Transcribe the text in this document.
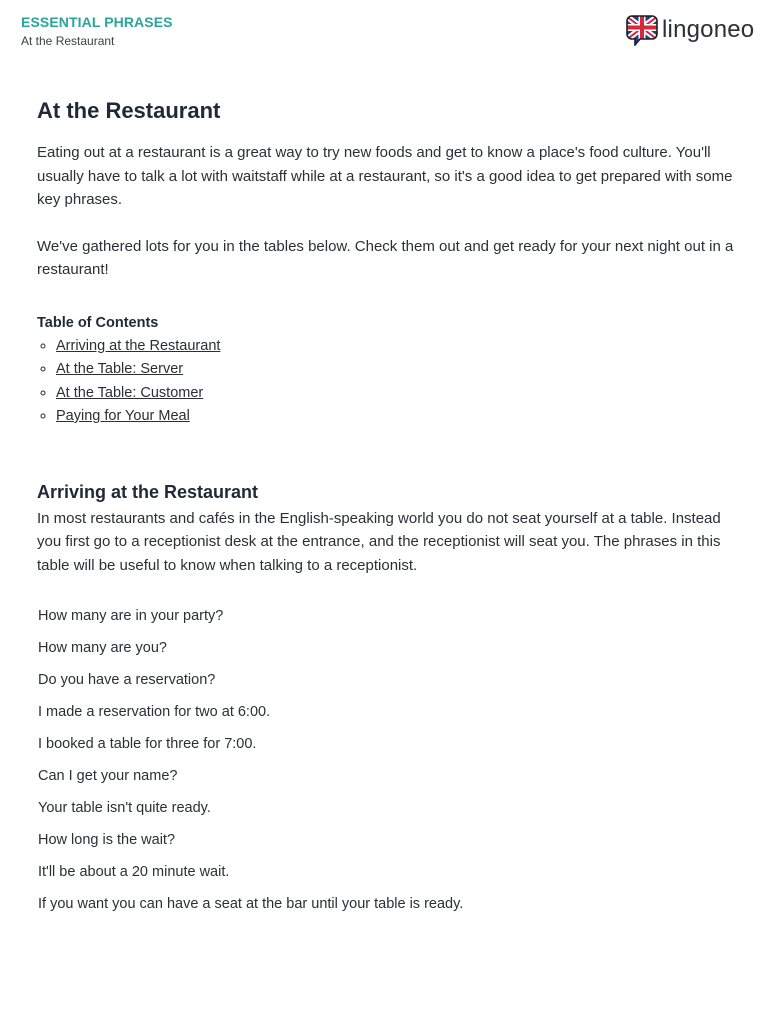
ESSENTIAL PHRASES
At the Restaurant	lingoneo
At the Restaurant

Eating out at a restaurant is a great way to try new foods and get to know a place's food culture. You'll usually have to talk a lot with waitstaff while at a restaurant, so it's a good idea to get prepared with some key phrases.

We've gathered lots for you in the tables below. Check them out and get ready for your next night out in a restaurant!

Table of Contents
◦ Arriving at the Restaurant
◦ At the Table: Server
◦ At the Table: Customer
◦ Paying for Your Meal
Arriving at the Restaurant

In most restaurants and cafés in the English-speaking world you do not seat yourself at a table. Instead you first go to a receptionist desk at the entrance, and the receptionist will seat you. The phrases in this table will be useful to know when talking to a receptionist.

How many are in your party?
How many are you?
Do you have a reservation?
I made a reservation for two at 6:00.
I booked a table for three for 7:00.
Can I get your name?
Your table isn't quite ready.
How long is the wait?
It'll be about a 20 minute wait.
If you want you can have a seat at the bar until your table is ready.
